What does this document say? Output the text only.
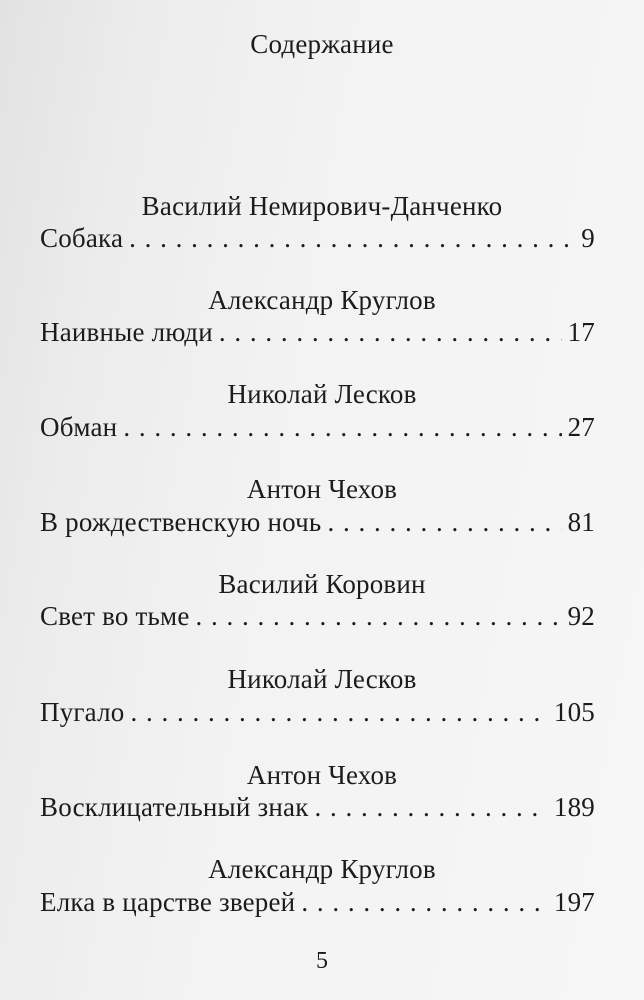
Содержание
Василий Немирович-Данченко
Собака . . .	9
Александр Круглов
Наивные люди . . .	17
Николай Лесков
Обман . . .	27
Антон Чехов
В рождественскую ночь . . .	81
Василий Коровин
Свет во тьме . . .	92
Николай Лесков
Пугало . . .	105
Антон Чехов
Восклицательный знак . . .	189
Александр Круглов
Елка в царстве зверей . . .	197
5
